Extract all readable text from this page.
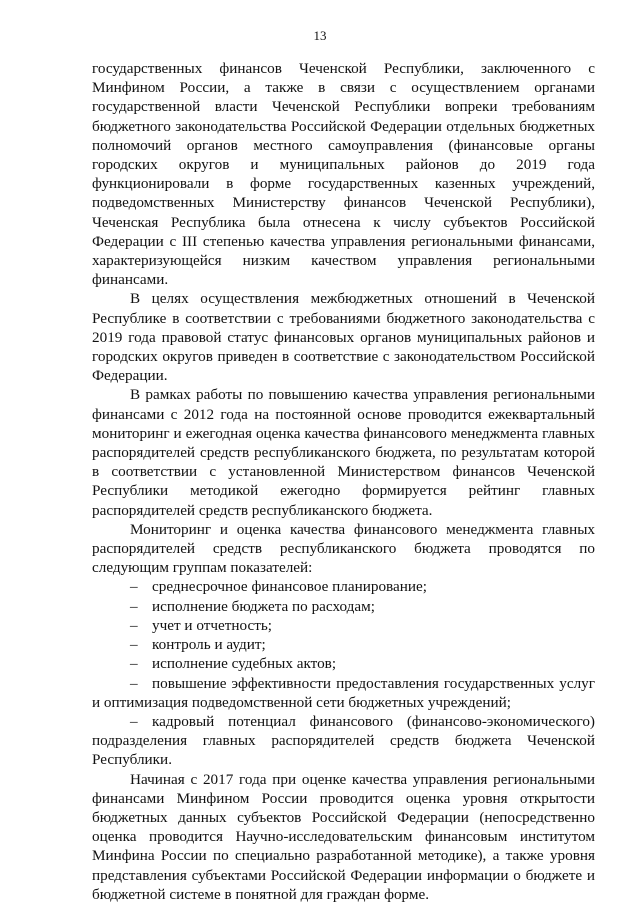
13

государственных финансов Чеченской Республики, заключенного с Минфином России, а также в связи с осуществлением органами государственной власти Чеченской Республики вопреки требованиям бюджетного законодательства Российской Федерации отдельных бюджетных полномочий органов местного самоуправления (финансовые органы городских округов и муниципальных районов до 2019 года функционировали в форме государственных казенных учреждений, подведомственных Министерству финансов Чеченской Республики), Чеченская Республика была отнесена к числу субъектов Российской Федерации с III степенью качества управления региональными финансами, характеризующейся низким качеством управления региональными финансами.

В целях осуществления межбюджетных отношений в Чеченской Республике в соответствии с требованиями бюджетного законодательства с 2019 года правовой статус финансовых органов муниципальных районов и городских округов приведен в соответствие с законодательством Российской Федерации.

В рамках работы по повышению качества управления региональными финансами с 2012 года на постоянной основе проводится ежеквартальный мониторинг и ежегодная оценка качества финансового менеджмента главных распорядителей средств республиканского бюджета, по результатам которой в соответствии с установленной Министерством финансов Чеченской Республики методикой ежегодно формируется рейтинг главных распорядителей средств республиканского бюджета.

Мониторинг и оценка качества финансового менеджмента главных распорядителей средств республиканского бюджета проводятся по следующим группам показателей:

– среднесрочное финансовое планирование;
– исполнение бюджета по расходам;
– учет и отчетность;
– контроль и аудит;
– исполнение судебных актов;
– повышение эффективности предоставления государственных услуг и оптимизация подведомственной сети бюджетных учреждений;
– кадровый потенциал финансового (финансово-экономического) подразделения главных распорядителей средств бюджета Чеченской Республики.

Начиная с 2017 года при оценке качества управления региональными финансами Минфином России проводится оценка уровня открытости бюджетных данных субъектов Российской Федерации (непосредственно оценка проводится Научно-исследовательским финансовым институтом Минфина России по специально разработанной методике), а также уровня представления субъектами Российской Федерации информации о бюджете и бюджетной системе в понятной для граждан форме.
